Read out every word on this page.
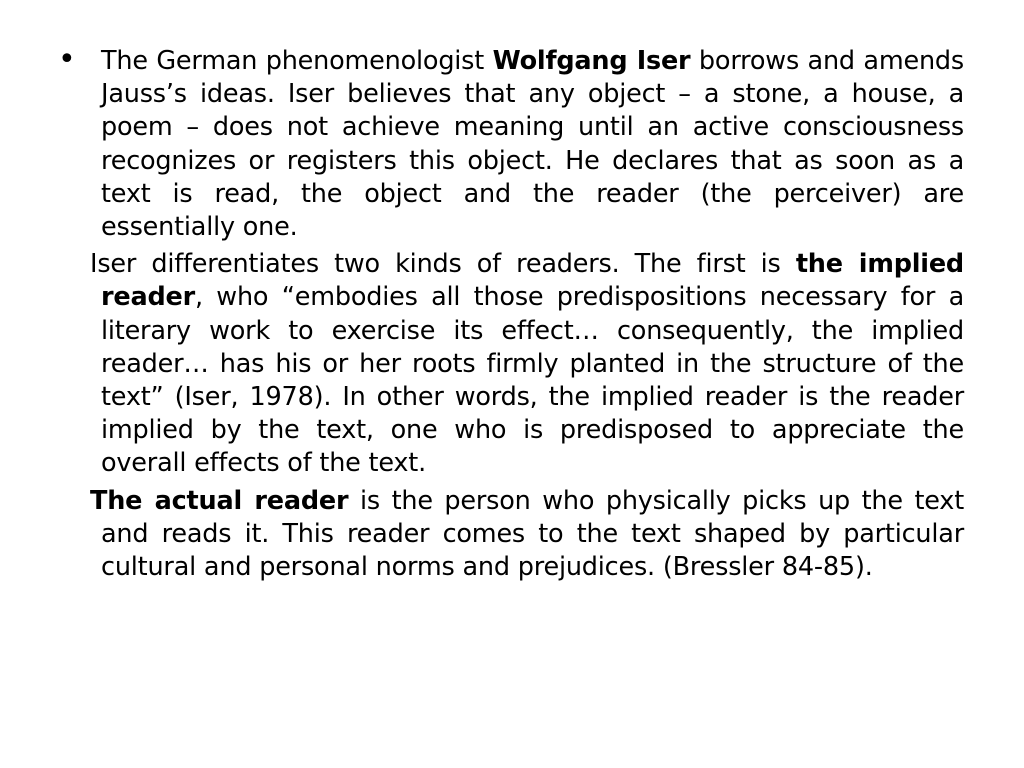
• The German phenomenologist Wolfgang Iser borrows and amends Jauss’s ideas. Iser believes that any object – a stone, a house, a poem – does not achieve meaning until an active consciousness recognizes or registers this object. He declares that as soon as a text is read, the object and the reader (the perceiver) are essentially one.

Iser differentiates two kinds of readers. The first is the implied reader, who “embodies all those predispositions necessary for a literary work to exercise its effect… consequently, the implied reader… has his or her roots firmly planted in the structure of the text” (Iser, 1978). In other words, the implied reader is the reader implied by the text, one who is predisposed to appreciate the overall effects of the text.

The actual reader is the person who physically picks up the text and reads it. This reader comes to the text shaped by particular cultural and personal norms and prejudices. (Bressler 84-85).
